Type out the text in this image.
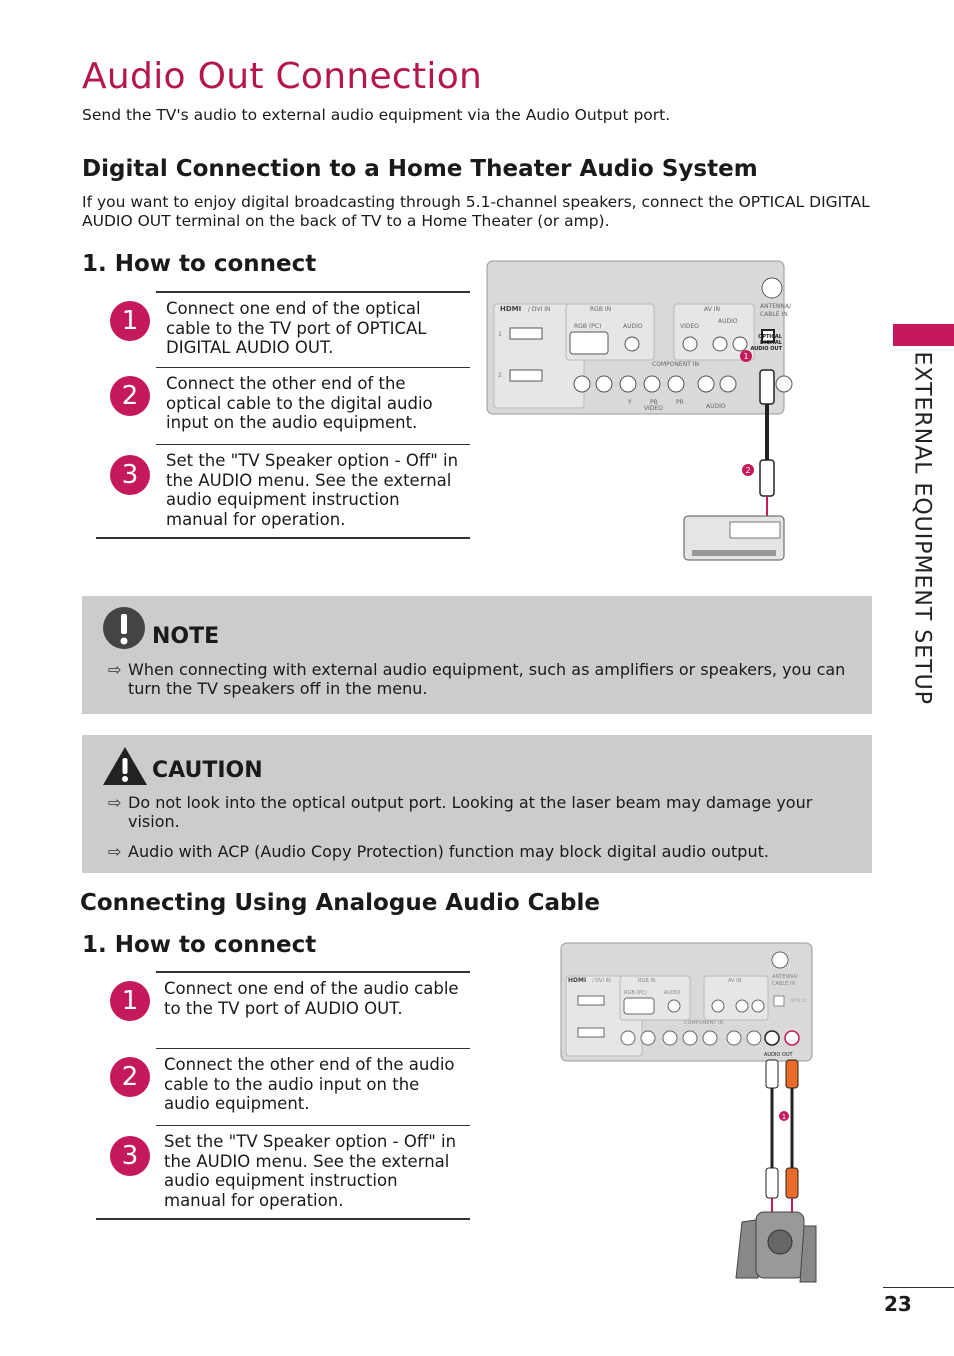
Audio Out Connection
Send the TV's audio to external audio equipment via the Audio Output port.
Digital Connection to a Home Theater Audio System
If you want to enjoy digital broadcasting through 5.1-channel speakers, connect the OPTICAL DIGITAL AUDIO OUT terminal on the back of TV to a Home Theater (or amp).
1. How to connect
1	Connect one end of the optical cable to the TV port of OPTICAL DIGITAL AUDIO OUT.
2	Connect the other end of the optical cable to the digital audio input on the audio equipment.
3	Set the "TV Speaker option - Off" in the AUDIO menu. See the external audio equipment instruction manual for operation.
HDMI / DVI IN
1
2
RGB IN
RGB (PC)	AUDIO
AV IN
VIDEO
AUDIO
ANTENNA/
CABLE IN
OPTICAL
DIGITAL
AUDIO OUT
COMPONENT IN
Y	PB	PR
VIDEO	AUDIO
1
2
NOTE
⇨ When connecting with external audio equipment, such as amplifiers or speakers, you can turn the TV speakers off in the menu.
CAUTION
⇨ Do not look into the optical output port. Looking at the laser beam may damage your vision.
⇨ Audio with ACP (Audio Copy Protection) function may block digital audio output.
Connecting Using Analogue Audio Cable
1. How to connect
1	Connect one end of the audio cable to the TV port of AUDIO OUT.
2	Connect the other end of the audio cable to the audio input on the audio equipment.
3	Set the "TV Speaker option - Off" in the AUDIO menu. See the external audio equipment instruction manual for operation.
HDMI / DVI IN	RGB IN
RGB (PC)	AUDIO
AV IN
ANTENNA/
CABLE IN
OPTICAL
COMPONENT IN
AUDIO OUT
1
EXTERNAL EQUIPMENT SETUP
23
